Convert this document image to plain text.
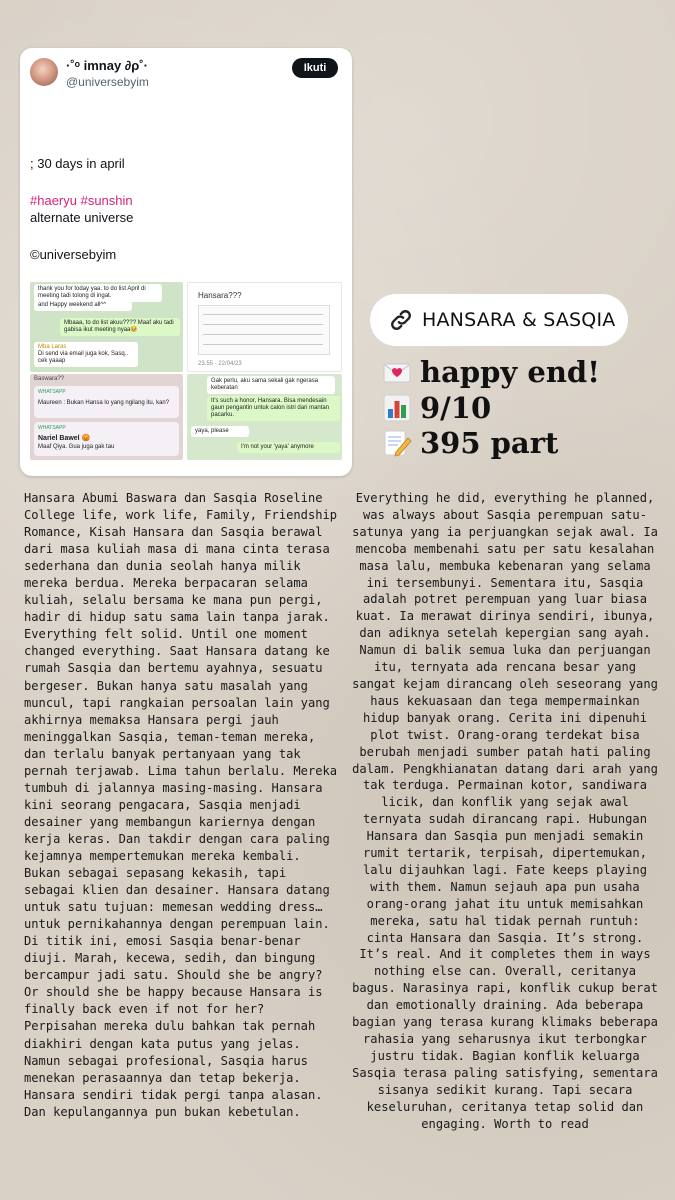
·˚ᵒ imnay ∂ρ˚·
@universebyim
Ikuti
; 30 days in april
#haeryu #sunshin
alternate universe
©universebyim
thank you for today yaa. to do list April di meeting tadi tolong di ingat.
and Happy weekend all^^
Mbaaa, to do list akuu???? Maaf aku tadi gabisa ikut meeting nyaa🥹
Mba Laras
Di send via email juga kok, Sasq.. cek yaaap
Hansara???
23.55 · 22/04/23
Baswara??
WHATSAPP
Maureen : Bukan Hansa lo yang ngilang itu, kan?
WHATSAPP
Nariel Bawel 😡
Maaf Qiya. Gua juga gak tau
Gak perlu, aku sama sekali gak ngerasa keberatan
It's such a honor, Hansara. Bisa mendesain gaun pengantin untuk calon istri dari mantan pacarku.
yaya, please
I'm not your 'yaya' anymore
HANSARA & SASQIA
happy end!
9/10
395 part
Hansara Abumi Baswara dan Sasqia Roseline College life, work life, Family, Friendship Romance, Kisah Hansara dan Sasqia berawal dari masa kuliah masa di mana cinta terasa sederhana dan dunia seolah hanya milik mereka berdua. Mereka berpacaran selama kuliah, selalu bersama ke mana pun pergi, hadir di hidup satu sama lain tanpa jarak. Everything felt solid. Until one moment changed everything. Saat Hansara datang ke rumah Sasqia dan bertemu ayahnya, sesuatu bergeser. Bukan hanya satu masalah yang muncul, tapi rangkaian persoalan lain yang akhirnya memaksa Hansara pergi jauh meninggalkan Sasqia, teman-teman mereka, dan terlalu banyak pertanyaan yang tak pernah terjawab. Lima tahun berlalu. Mereka tumbuh di jalannya masing-masing. Hansara kini seorang pengacara, Sasqia menjadi desainer yang membangun kariernya dengan kerja keras. Dan takdir dengan cara paling kejamnya mempertemukan mereka kembali. Bukan sebagai sepasang kekasih, tapi sebagai klien dan desainer. Hansara datang untuk satu tujuan: memesan wedding dress… untuk pernikahannya dengan perempuan lain. Di titik ini, emosi Sasqia benar-benar diuji. Marah, kecewa, sedih, dan bingung bercampur jadi satu. Should she be angry? Or should she be happy because Hansara is finally back even if not for her? Perpisahan mereka dulu bahkan tak pernah diakhiri dengan kata putus yang jelas. Namun sebagai profesional, Sasqia harus menekan perasaannya dan tetap bekerja. Hansara sendiri tidak pergi tanpa alasan. Dan kepulangannya pun bukan kebetulan.
Everything he did, everything he planned, was always about Sasqia perempuan satu-satunya yang ia perjuangkan sejak awal. Ia mencoba membenahi satu per satu kesalahan masa lalu, membuka kebenaran yang selama ini tersembunyi. Sementara itu, Sasqia adalah potret perempuan yang luar biasa kuat. Ia merawat dirinya sendiri, ibunya, dan adiknya setelah kepergian sang ayah. Namun di balik semua luka dan perjuangan itu, ternyata ada rencana besar yang sangat kejam dirancang oleh seseorang yang haus kekuasaan dan tega mempermainkan hidup banyak orang. Cerita ini dipenuhi plot twist. Orang-orang terdekat bisa berubah menjadi sumber patah hati paling dalam. Pengkhianatan datang dari arah yang tak terduga. Permainan kotor, sandiwara licik, dan konflik yang sejak awal ternyata sudah dirancang rapi. Hubungan Hansara dan Sasqia pun menjadi semakin rumit tertarik, terpisah, dipertemukan, lalu dijauhkan lagi. Fate keeps playing with them. Namun sejauh apa pun usaha orang-orang jahat itu untuk memisahkan mereka, satu hal tidak pernah runtuh: cinta Hansara dan Sasqia. It’s strong. It’s real. And it completes them in ways nothing else can. Overall, ceritanya bagus. Narasinya rapi, konflik cukup berat dan emotionally draining. Ada beberapa bagian yang terasa kurang klimaks beberapa rahasia yang seharusnya ikut terbongkar justru tidak. Bagian konflik keluarga Sasqia terasa paling satisfying, sementara sisanya sedikit kurang. Tapi secara keseluruhan, ceritanya tetap solid dan engaging. Worth to read
